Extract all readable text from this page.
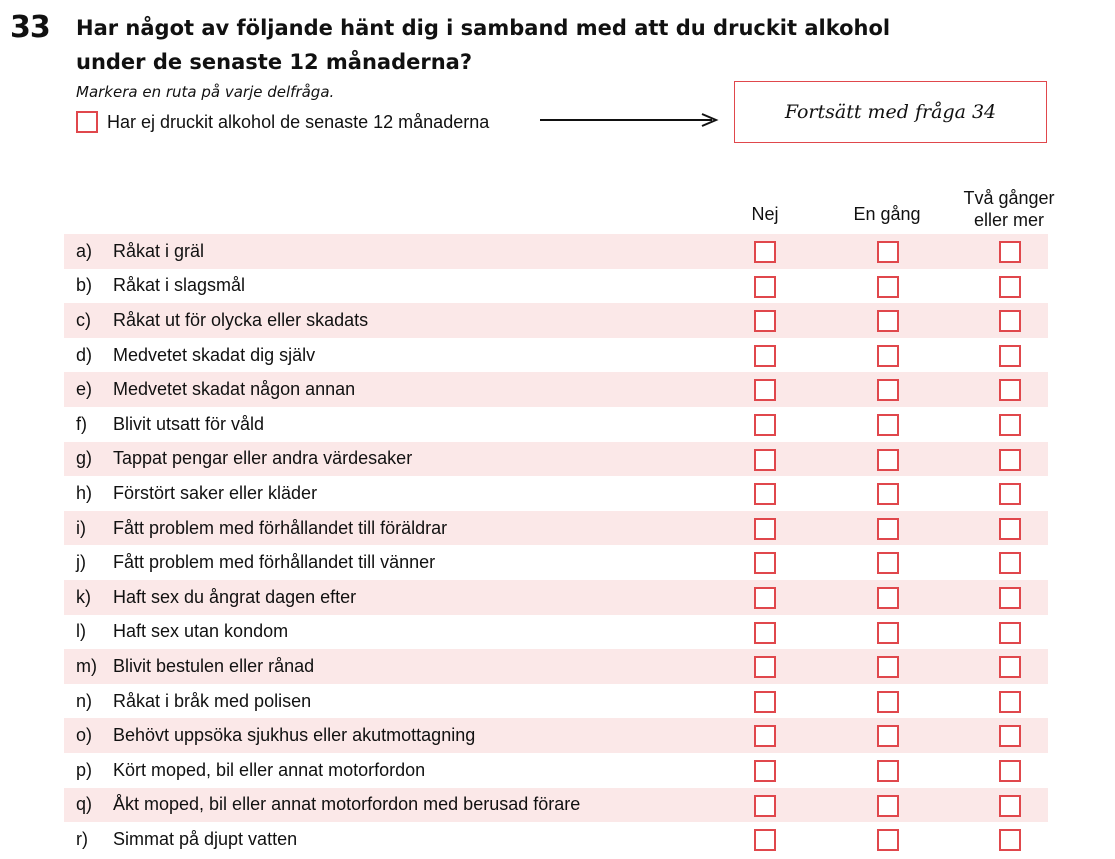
33 Har något av följande hänt dig i samband med att du druckit alkohol
under de senaste 12 månaderna?
Markera en ruta på varje delfråga.
Har ej druckit alkohol de senaste 12 månaderna	Fortsätt med fråga 34
Nej	En gång
Två gånger
eller mer
a) Råkat i gräl
b) Råkat i slagsmål
c) Råkat ut för olycka eller skadats
d) Medvetet skadat dig själv
e) Medvetet skadat någon annan
f) Blivit utsatt för våld
g) Tappat pengar eller andra värdesaker
h) Förstört saker eller kläder
i) Fått problem med förhållandet till föräldrar
j) Fått problem med förhållandet till vänner
k) Haft sex du ångrat dagen efter
l) Haft sex utan kondom
m) Blivit bestulen eller rånad
n) Råkat i bråk med polisen
o) Behövt uppsöka sjukhus eller akutmottagning
p) Kört moped, bil eller annat motorfordon
q) Åkt moped, bil eller annat motorfordon med berusad förare
r) Simmat på djupt vatten
